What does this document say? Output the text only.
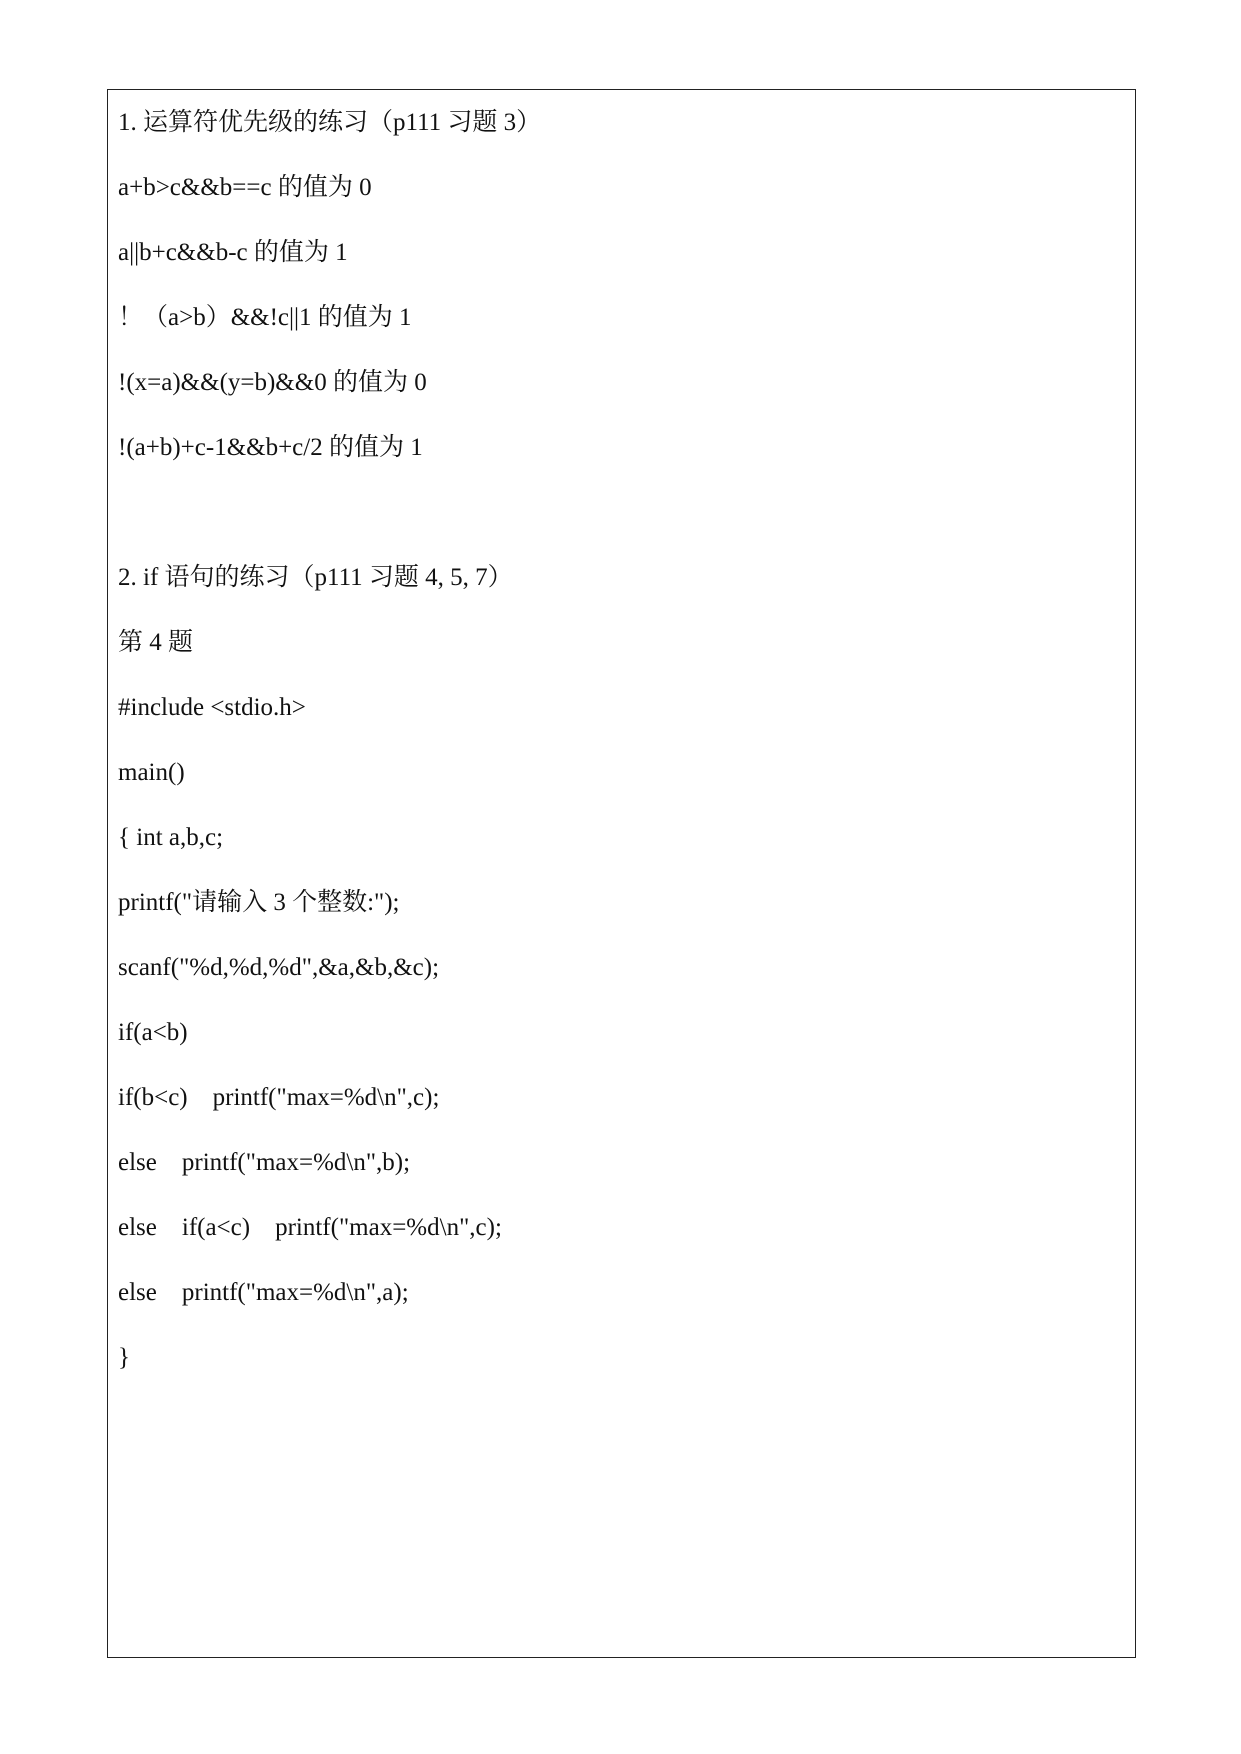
1. 运算符优先级的练习（p111 习题 3）
a+b>c&&b==c 的值为 0
a||b+c&&b-c 的值为 1
！（a>b）&&!c||1 的值为 1
!(x=a)&&(y=b)&&0 的值为 0
!(a+b)+c-1&&b+c/2 的值为 1
2. if 语句的练习（p111 习题 4, 5, 7）
第 4 题
#include <stdio.h>
main()
{ int a,b,c;
printf("请输入 3 个整数:");
scanf("%d,%d,%d",&a,&b,&c);
if(a<b)
if(b<c)    printf("max=%d\n",c);
else    printf("max=%d\n",b);
else    if(a<c)    printf("max=%d\n",c);
else    printf("max=%d\n",a);
}
